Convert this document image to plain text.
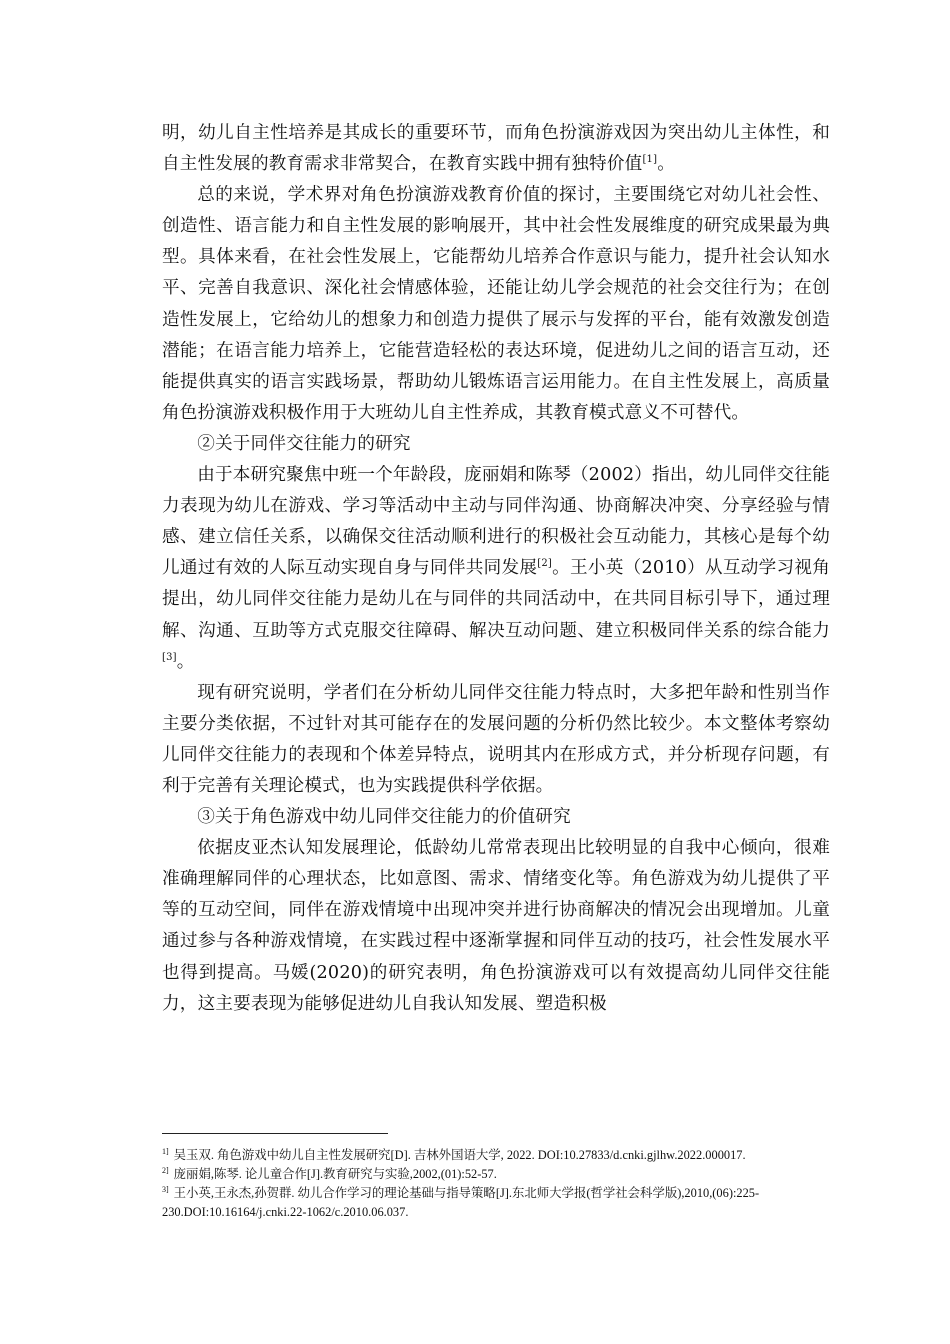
明，幼儿自主性培养是其成长的重要环节，而角色扮演游戏因为突出幼儿主体性，和自主性发展的教育需求非常契合，在教育实践中拥有独特价值[1]。

总的来说，学术界对角色扮演游戏教育价值的探讨，主要围绕它对幼儿社会性、创造性、语言能力和自主性发展的影响展开，其中社会性发展维度的研究成果最为典型。具体来看，在社会性发展上，它能帮幼儿培养合作意识与能力，提升社会认知水平、完善自我意识、深化社会情感体验，还能让幼儿学会规范的社会交往行为；在创造性发展上，它给幼儿的想象力和创造力提供了展示与发挥的平台，能有效激发创造潜能；在语言能力培养上，它能营造轻松的表达环境，促进幼儿之间的语言互动，还能提供真实的语言实践场景，帮助幼儿锻炼语言运用能力。在自主性发展上，高质量角色扮演游戏积极作用于大班幼儿自主性养成，其教育模式意义不可替代。

②关于同伴交往能力的研究

由于本研究聚焦中班一个年龄段，庞丽娟和陈琴（2002）指出，幼儿同伴交往能力表现为幼儿在游戏、学习等活动中主动与同伴沟通、协商解决冲突、分享经验与情感、建立信任关系，以确保交往活动顺利进行的积极社会互动能力，其核心是每个幼儿通过有效的人际互动实现自身与同伴共同发展[2]。王小英（2010）从互动学习视角提出，幼儿同伴交往能力是幼儿在与同伴的共同活动中，在共同目标引导下，通过理解、沟通、互助等方式克服交往障碍、解决互动问题、建立积极同伴关系的综合能力[3]。

现有研究说明，学者们在分析幼儿同伴交往能力特点时，大多把年龄和性别当作主要分类依据，不过针对其可能存在的发展问题的分析仍然比较少。本文整体考察幼儿同伴交往能力的表现和个体差异特点，说明其内在形成方式，并分析现存问题，有利于完善有关理论模式，也为实践提供科学依据。

③关于角色游戏中幼儿同伴交往能力的价值研究

依据皮亚杰认知发展理论，低龄幼儿常常表现出比较明显的自我中心倾向，很难准确理解同伴的心理状态，比如意图、需求、情绪变化等。角色游戏为幼儿提供了平等的互动空间，同伴在游戏情境中出现冲突并进行协商解决的情况会出现增加。儿童通过参与各种游戏情境，在实践过程中逐渐掌握和同伴互动的技巧，社会性发展水平也得到提高。马媛(2020)的研究表明，角色扮演游戏可以有效提高幼儿同伴交往能力，这主要表现为能够促进幼儿自我认知发展、塑造积极

$^{1]}$ 吴玉双. 角色游戏中幼儿自主性发展研究[D]. 吉林外国语大学, 2022. DOI:10.27833/d.cnki.gjlhw.2022.000017.
$^{2]}$ 庞丽娟,陈琴. 论儿童合作[J].教育研究与实验,2002,(01):52-57.
$^{3]}$ 王小英,王永杰,孙贺群. 幼儿合作学习的理论基础与指导策略[J].东北师大学报(哲学社会科学版),2010,(06):225-230.DOI:10.16164/j.cnki.22-1062/c.2010.06.037.
